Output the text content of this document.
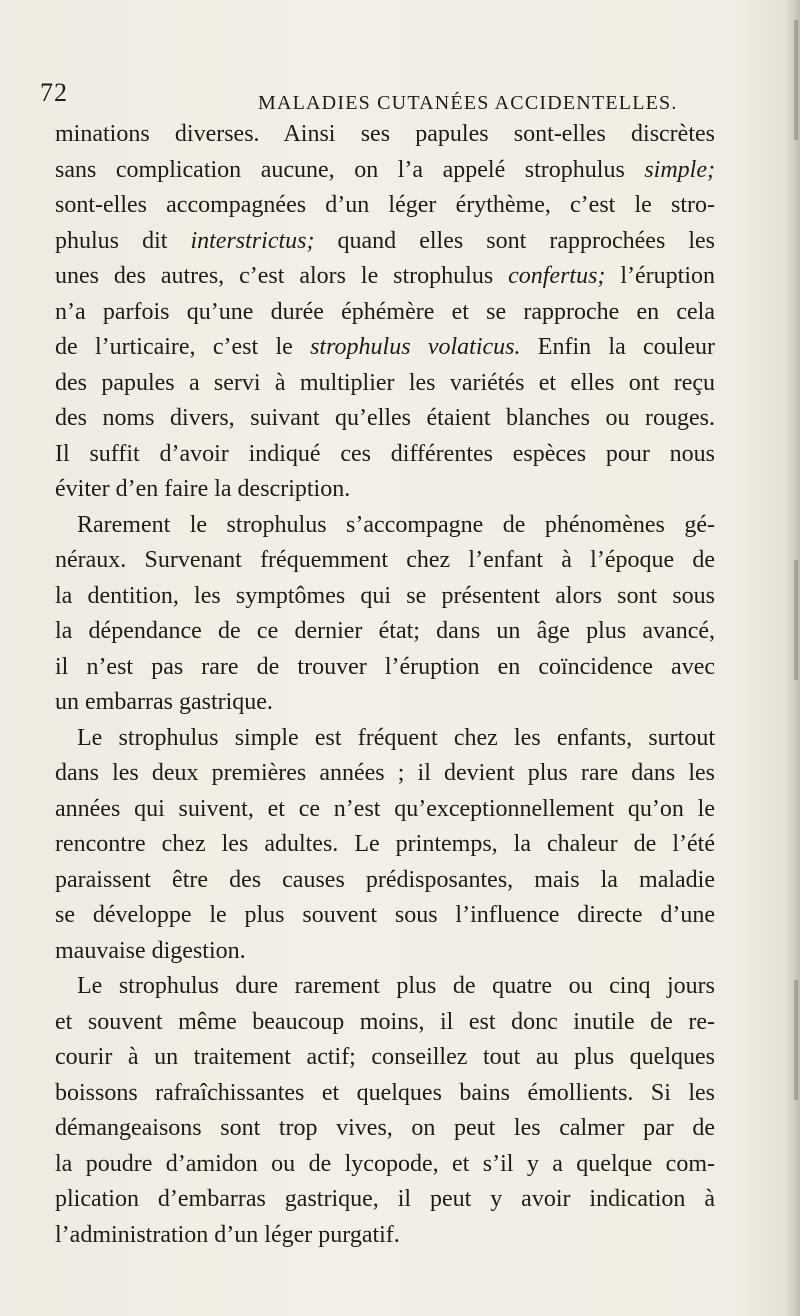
72	MALADIES CUTANÉES ACCIDENTELLES.
minations diverses. Ainsi ses papules sont-elles discrètes
sans complication aucune, on l’a appelé strophulus simple;
sont-elles accompagnées d’un léger érythème, c’est le stro-
phulus dit interstrictus; quand elles sont rapprochées les
unes des autres, c’est alors le strophulus confertus; l’éruption
n’a parfois qu’une durée éphémère et se rapproche en cela
de l’urticaire, c’est le strophulus volaticus. Enfin la couleur
des papules a servi à multiplier les variétés et elles ont reçu
des noms divers, suivant qu’elles étaient blanches ou rouges.
Il suffit d’avoir indiqué ces différentes espèces pour nous
éviter d’en faire la description.
Rarement le strophulus s’accompagne de phénomènes gé-
néraux. Survenant fréquemment chez l’enfant à l’époque de
la dentition, les symptômes qui se présentent alors sont sous
la dépendance de ce dernier état; dans un âge plus avancé,
il n’est pas rare de trouver l’éruption en coïncidence avec
un embarras gastrique.
Le strophulus simple est fréquent chez les enfants, surtout
dans les deux premières années ; il devient plus rare dans les
années qui suivent, et ce n’est qu’exceptionnellement qu’on le
rencontre chez les adultes. Le printemps, la chaleur de l’été
paraissent être des causes prédisposantes, mais la maladie
se développe le plus souvent sous l’influence directe d’une
mauvaise digestion.
Le strophulus dure rarement plus de quatre ou cinq jours
et souvent même beaucoup moins, il est donc inutile de re-
courir à un traitement actif; conseillez tout au plus quelques
boissons rafraîchissantes et quelques bains émollients. Si les
démangeaisons sont trop vives, on peut les calmer par de
la poudre d’amidon ou de lycopode, et s’il y a quelque com-
plication d’embarras gastrique, il peut y avoir indication à
l’administration d’un léger purgatif.
